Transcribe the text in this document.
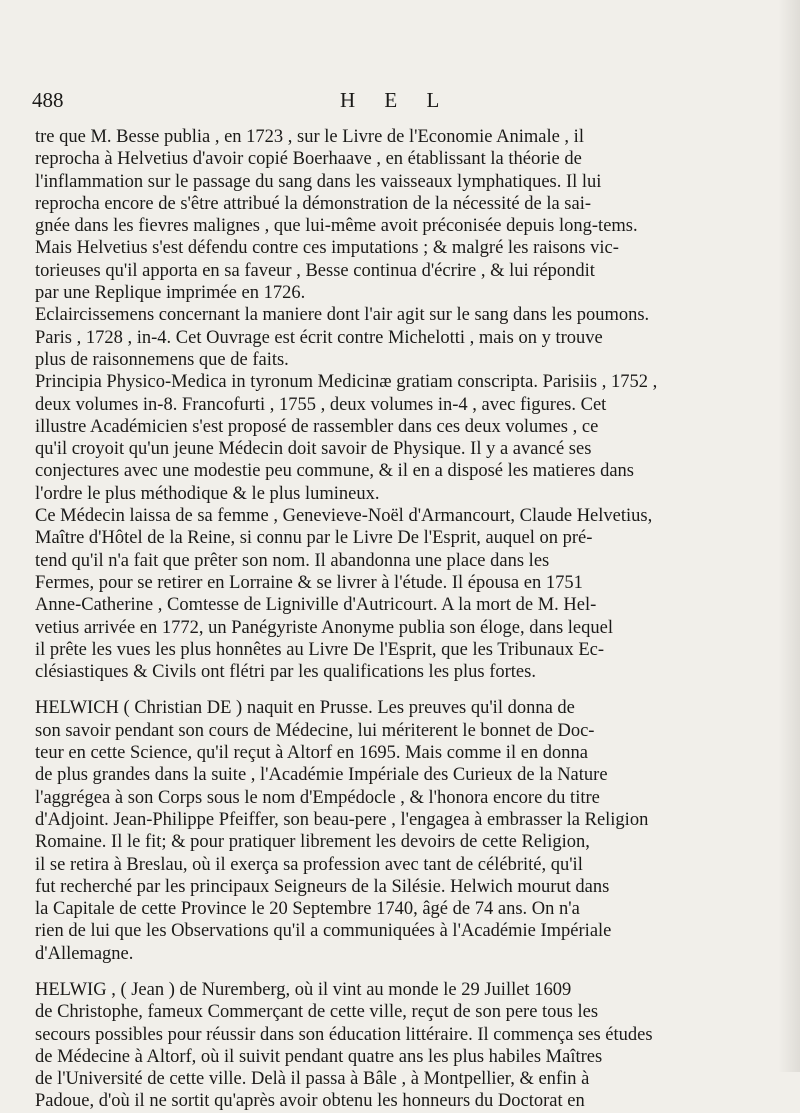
488	H E L
tre que M. Besse publia , en 1723 , sur le Livre de l'Economie Animale , il
reprocha à Helvetius d'avoir copié Boerhaave , en établissant la théorie de
l'inflammation sur le passage du sang dans les vaisseaux lymphatiques. Il lui
reprocha encore de s'être attribué la démonstration de la nécessité de la sai-
gnée dans les fievres malignes , que lui-même avoit préconisée depuis long-tems.
Mais Helvetius s'est défendu contre ces imputations ; & malgré les raisons vic-
torieuses qu'il apporta en sa faveur , Besse continua d'écrire , & lui répondit
par une Replique imprimée en 1726.
Eclaircissemens concernant la maniere dont l'air agit sur le sang dans les poumons.
Paris , 1728 , in-4. Cet Ouvrage est écrit contre Michelotti , mais on y trouve
plus de raisonnemens que de faits.
Principia Physico-Medica in tyronum Medicinæ gratiam conscripta. Parisiis , 1752 ,
deux volumes in-8. Francofurti , 1755 , deux volumes in-4 , avec figures. Cet
illustre Académicien s'est proposé de rassembler dans ces deux volumes , ce
qu'il croyoit qu'un jeune Médecin doit savoir de Physique. Il y a avancé ses
conjectures avec une modestie peu commune, & il en a disposé les matieres dans
l'ordre le plus méthodique & le plus lumineux.
Ce Médecin laissa de sa femme , Genevieve-Noël d'Armancourt, Claude Helvetius,
Maître d'Hôtel de la Reine, si connu par le Livre De l'Esprit, auquel on pré-
tend qu'il n'a fait que prêter son nom. Il abandonna une place dans les
Fermes, pour se retirer en Lorraine & se livrer à l'étude. Il épousa en 1751
Anne-Catherine , Comtesse de Ligniville d'Autricourt. A la mort de M. Hel-
vetius arrivée en 1772, un Panégyriste Anonyme publia son éloge, dans lequel
il prête les vues les plus honnêtes au Livre De l'Esprit, que les Tribunaux Ec-
clésiastiques & Civils ont flétri par les qualifications les plus fortes.
HELWICH ( Christian DE ) naquit en Prusse. Les preuves qu'il donna de
son savoir pendant son cours de Médecine, lui mériterent le bonnet de Doc-
teur en cette Science, qu'il reçut à Altorf en 1695. Mais comme il en donna
de plus grandes dans la suite , l'Académie Impériale des Curieux de la Nature
l'aggrégea à son Corps sous le nom d'Empédocle , & l'honora encore du titre
d'Adjoint. Jean-Philippe Pfeiffer, son beau-pere , l'engagea à embrasser la Religion
Romaine. Il le fit; & pour pratiquer librement les devoirs de cette Religion,
il se retira à Breslau, où il exerça sa profession avec tant de célébrité, qu'il
fut recherché par les principaux Seigneurs de la Silésie. Helwich mourut dans
la Capitale de cette Province le 20 Septembre 1740, âgé de 74 ans. On n'a
rien de lui que les Observations qu'il a communiquées à l'Académie Impériale
d'Allemagne.
HELWIG , ( Jean ) de Nuremberg, où il vint au monde le 29 Juillet 1609
de Christophe, fameux Commerçant de cette ville, reçut de son pere tous les
secours possibles pour réussir dans son éducation littéraire. Il commença ses études
de Médecine à Altorf, où il suivit pendant quatre ans les plus habiles Maîtres
de l'Université de cette ville. Delà il passa à Bâle , à Montpellier, & enfin à
Padoue, d'où il ne sortit qu'après avoir obtenu les honneurs du Doctorat en
